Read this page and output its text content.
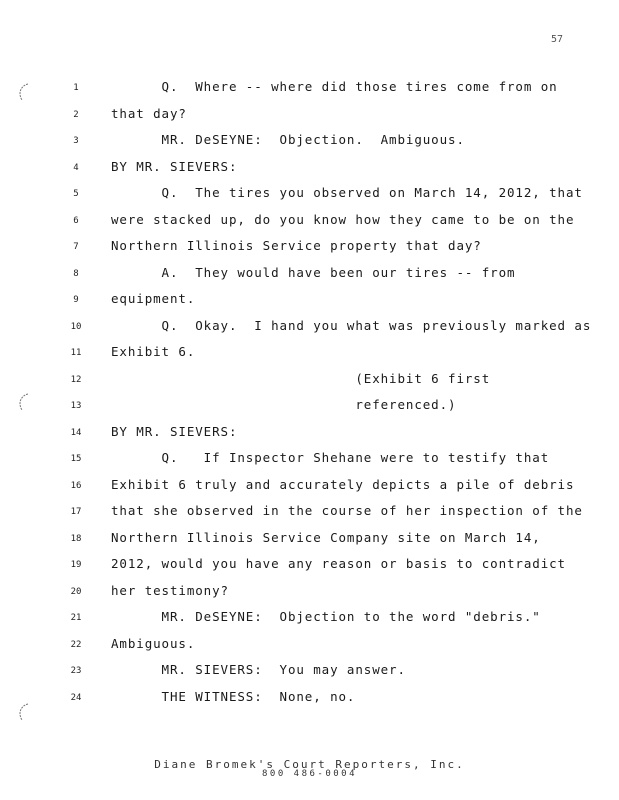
57
1	Q.  Where -- where did those tires come from on
2	that day?
3	MR. DeSEYNE:  Objection.  Ambiguous.
4	BY MR. SIEVERS:
5	Q.  The tires you observed on March 14, 2012, that
6	were stacked up, do you know how they came to be on the
7	Northern Illinois Service property that day?
8	A.  They would have been our tires -- from
9	equipment.
10	Q.  Okay.  I hand you what was previously marked as
11	Exhibit 6.
12	(Exhibit 6 first
13	referenced.)
14	BY MR. SIEVERS:
15	Q.   If Inspector Shehane were to testify that
16	Exhibit 6 truly and accurately depicts a pile of debris
17	that she observed in the course of her inspection of the
18	Northern Illinois Service Company site on March 14,
19	2012, would you have any reason or basis to contradict
20	her testimony?
21	MR. DeSEYNE:  Objection to the word "debris."
22	Ambiguous.
23	MR. SIEVERS:  You may answer.
24	THE WITNESS:  None, no.
Diane Bromek's Court Reporters, Inc.
800 486-0004
